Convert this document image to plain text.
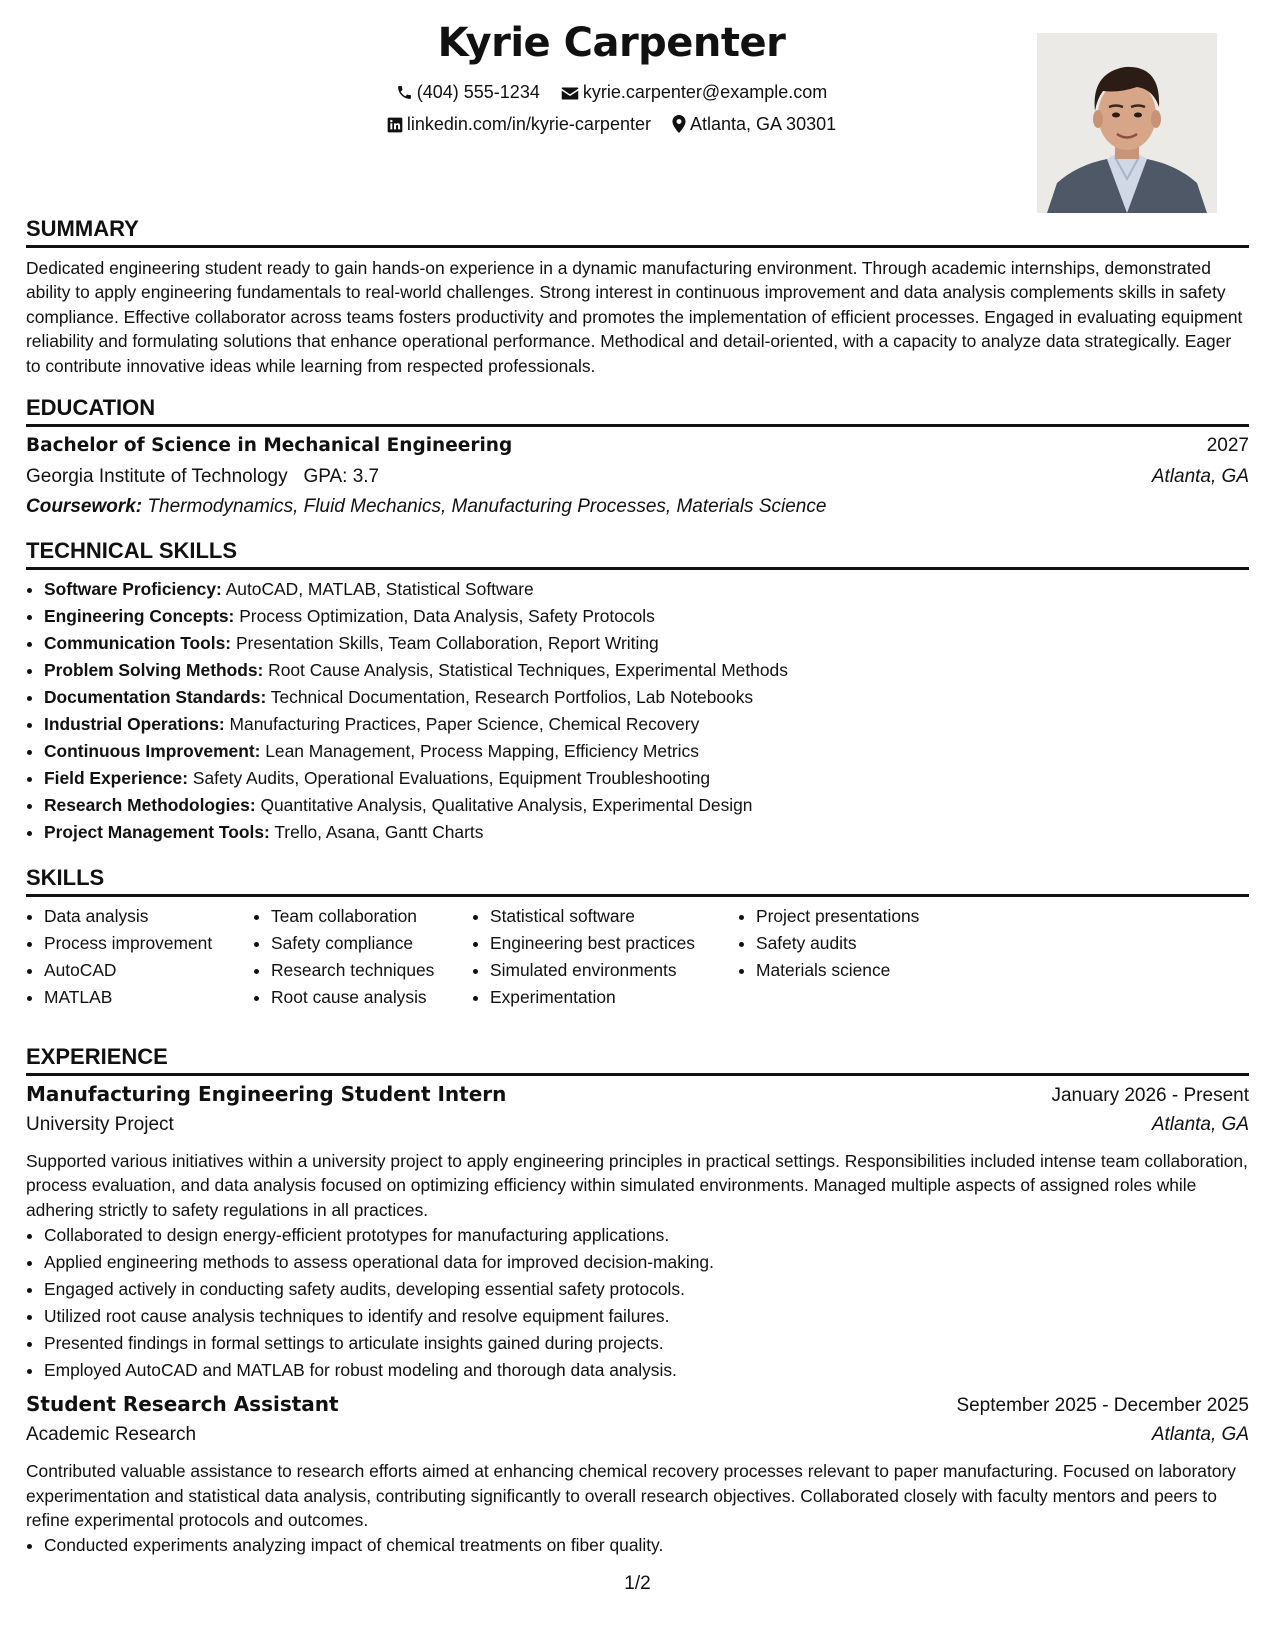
Kyrie Carpenter
(404) 555-1234 kyrie.carpenter@example.com
linkedin.com/in/kyrie-carpenter Atlanta, GA 30301
SUMMARY
Dedicated engineering student ready to gain hands-on experience in a dynamic manufacturing environment. Through academic internships, demonstrated ability to apply engineering fundamentals to real-world challenges. Strong interest in continuous improvement and data analysis complements skills in safety compliance. Effective collaborator across teams fosters productivity and promotes the implementation of efficient processes. Engaged in evaluating equipment reliability and formulating solutions that enhance operational performance. Methodical and detail-oriented, with a capacity to analyze data strategically. Eager to contribute innovative ideas while learning from respected professionals.
EDUCATION
Bachelor of Science in Mechanical Engineering	2027
Georgia Institute of Technology GPA: 3.7	Atlanta, GA
Coursework: Thermodynamics, Fluid Mechanics, Manufacturing Processes, Materials Science
TECHNICAL SKILLS
• Software Proficiency: AutoCAD, MATLAB, Statistical Software
• Engineering Concepts: Process Optimization, Data Analysis, Safety Protocols
• Communication Tools: Presentation Skills, Team Collaboration, Report Writing
• Problem Solving Methods: Root Cause Analysis, Statistical Techniques, Experimental Methods
• Documentation Standards: Technical Documentation, Research Portfolios, Lab Notebooks
• Industrial Operations: Manufacturing Practices, Paper Science, Chemical Recovery
• Continuous Improvement: Lean Management, Process Mapping, Efficiency Metrics
• Field Experience: Safety Audits, Operational Evaluations, Equipment Troubleshooting
• Research Methodologies: Quantitative Analysis, Qualitative Analysis, Experimental Design
• Project Management Tools: Trello, Asana, Gantt Charts
SKILLS
• Data analysis
• Process improvement
• AutoCAD
• MATLAB
• Team collaboration
• Safety compliance
• Research techniques
• Root cause analysis
• Statistical software
• Engineering best practices
• Simulated environments
• Experimentation
• Project presentations
• Safety audits
• Materials science
EXPERIENCE
Manufacturing Engineering Student Intern	January 2026 - Present
University Project	Atlanta, GA
Supported various initiatives within a university project to apply engineering principles in practical settings. Responsibilities included intense team collaboration, process evaluation, and data analysis focused on optimizing efficiency within simulated environments. Managed multiple aspects of assigned roles while adhering strictly to safety regulations in all practices.
• Collaborated to design energy-efficient prototypes for manufacturing applications.
• Applied engineering methods to assess operational data for improved decision-making.
• Engaged actively in conducting safety audits, developing essential safety protocols.
• Utilized root cause analysis techniques to identify and resolve equipment failures.
• Presented findings in formal settings to articulate insights gained during projects.
• Employed AutoCAD and MATLAB for robust modeling and thorough data analysis.
Student Research Assistant	September 2025 - December 2025
Academic Research	Atlanta, GA
Contributed valuable assistance to research efforts aimed at enhancing chemical recovery processes relevant to paper manufacturing. Focused on laboratory experimentation and statistical data analysis, contributing significantly to overall research objectives. Collaborated closely with faculty mentors and peers to refine experimental protocols and outcomes.
• Conducted experiments analyzing impact of chemical treatments on fiber quality.
1/2
